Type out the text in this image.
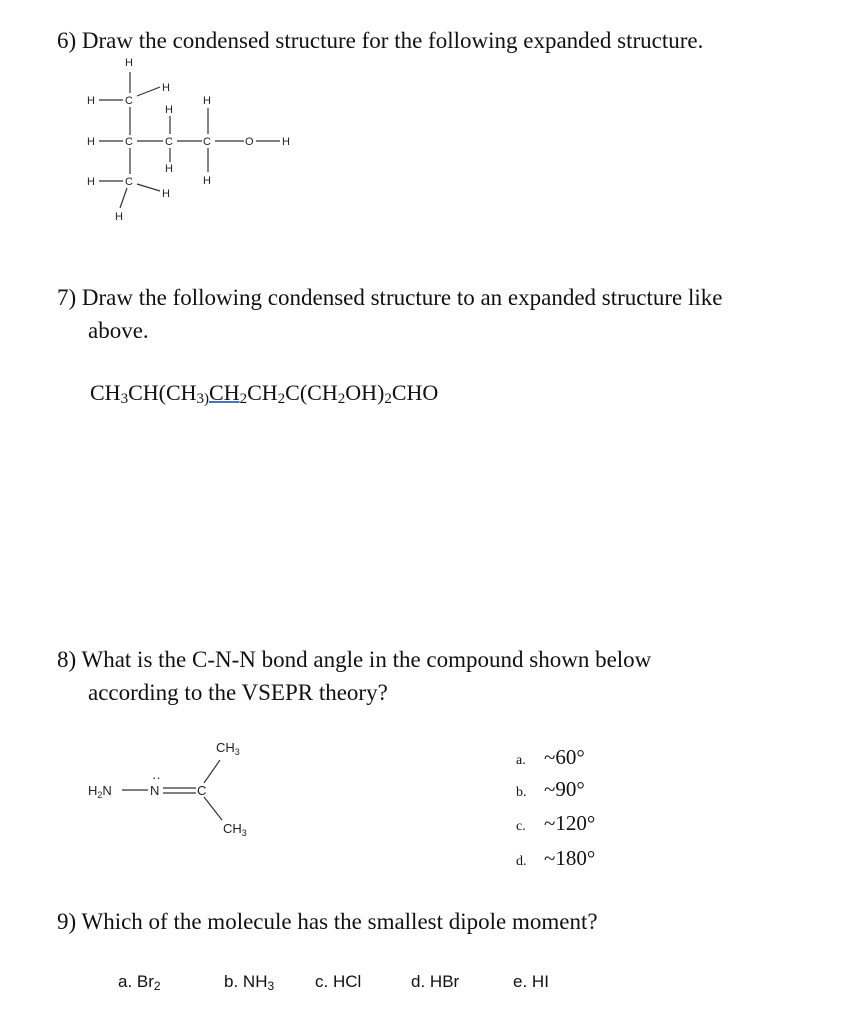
6) Draw the condensed structure for the following expanded structure.

H
H	C
H
H
H
H	C	C	C	O	H
H
H
H	C
H
H

7) Draw the following condensed structure to an expanded structure like
above.

$CH_3CH(CH_{3)}CH_2CH_2C(CH_2OH)_2CHO$

8) What is the C-N-N bond angle in the compound shown below
according to the VSEPR theory?

$H_2N$	N
··
C
$CH_3$
$CH_3$
a. ~60°
b. ~90°
c. ~120°
d. ~180°

9) Which of the molecule has the smallest dipole moment?

a. $Br_2$	b. $NH_3$ c. HCl	d. HBr	e. HI
